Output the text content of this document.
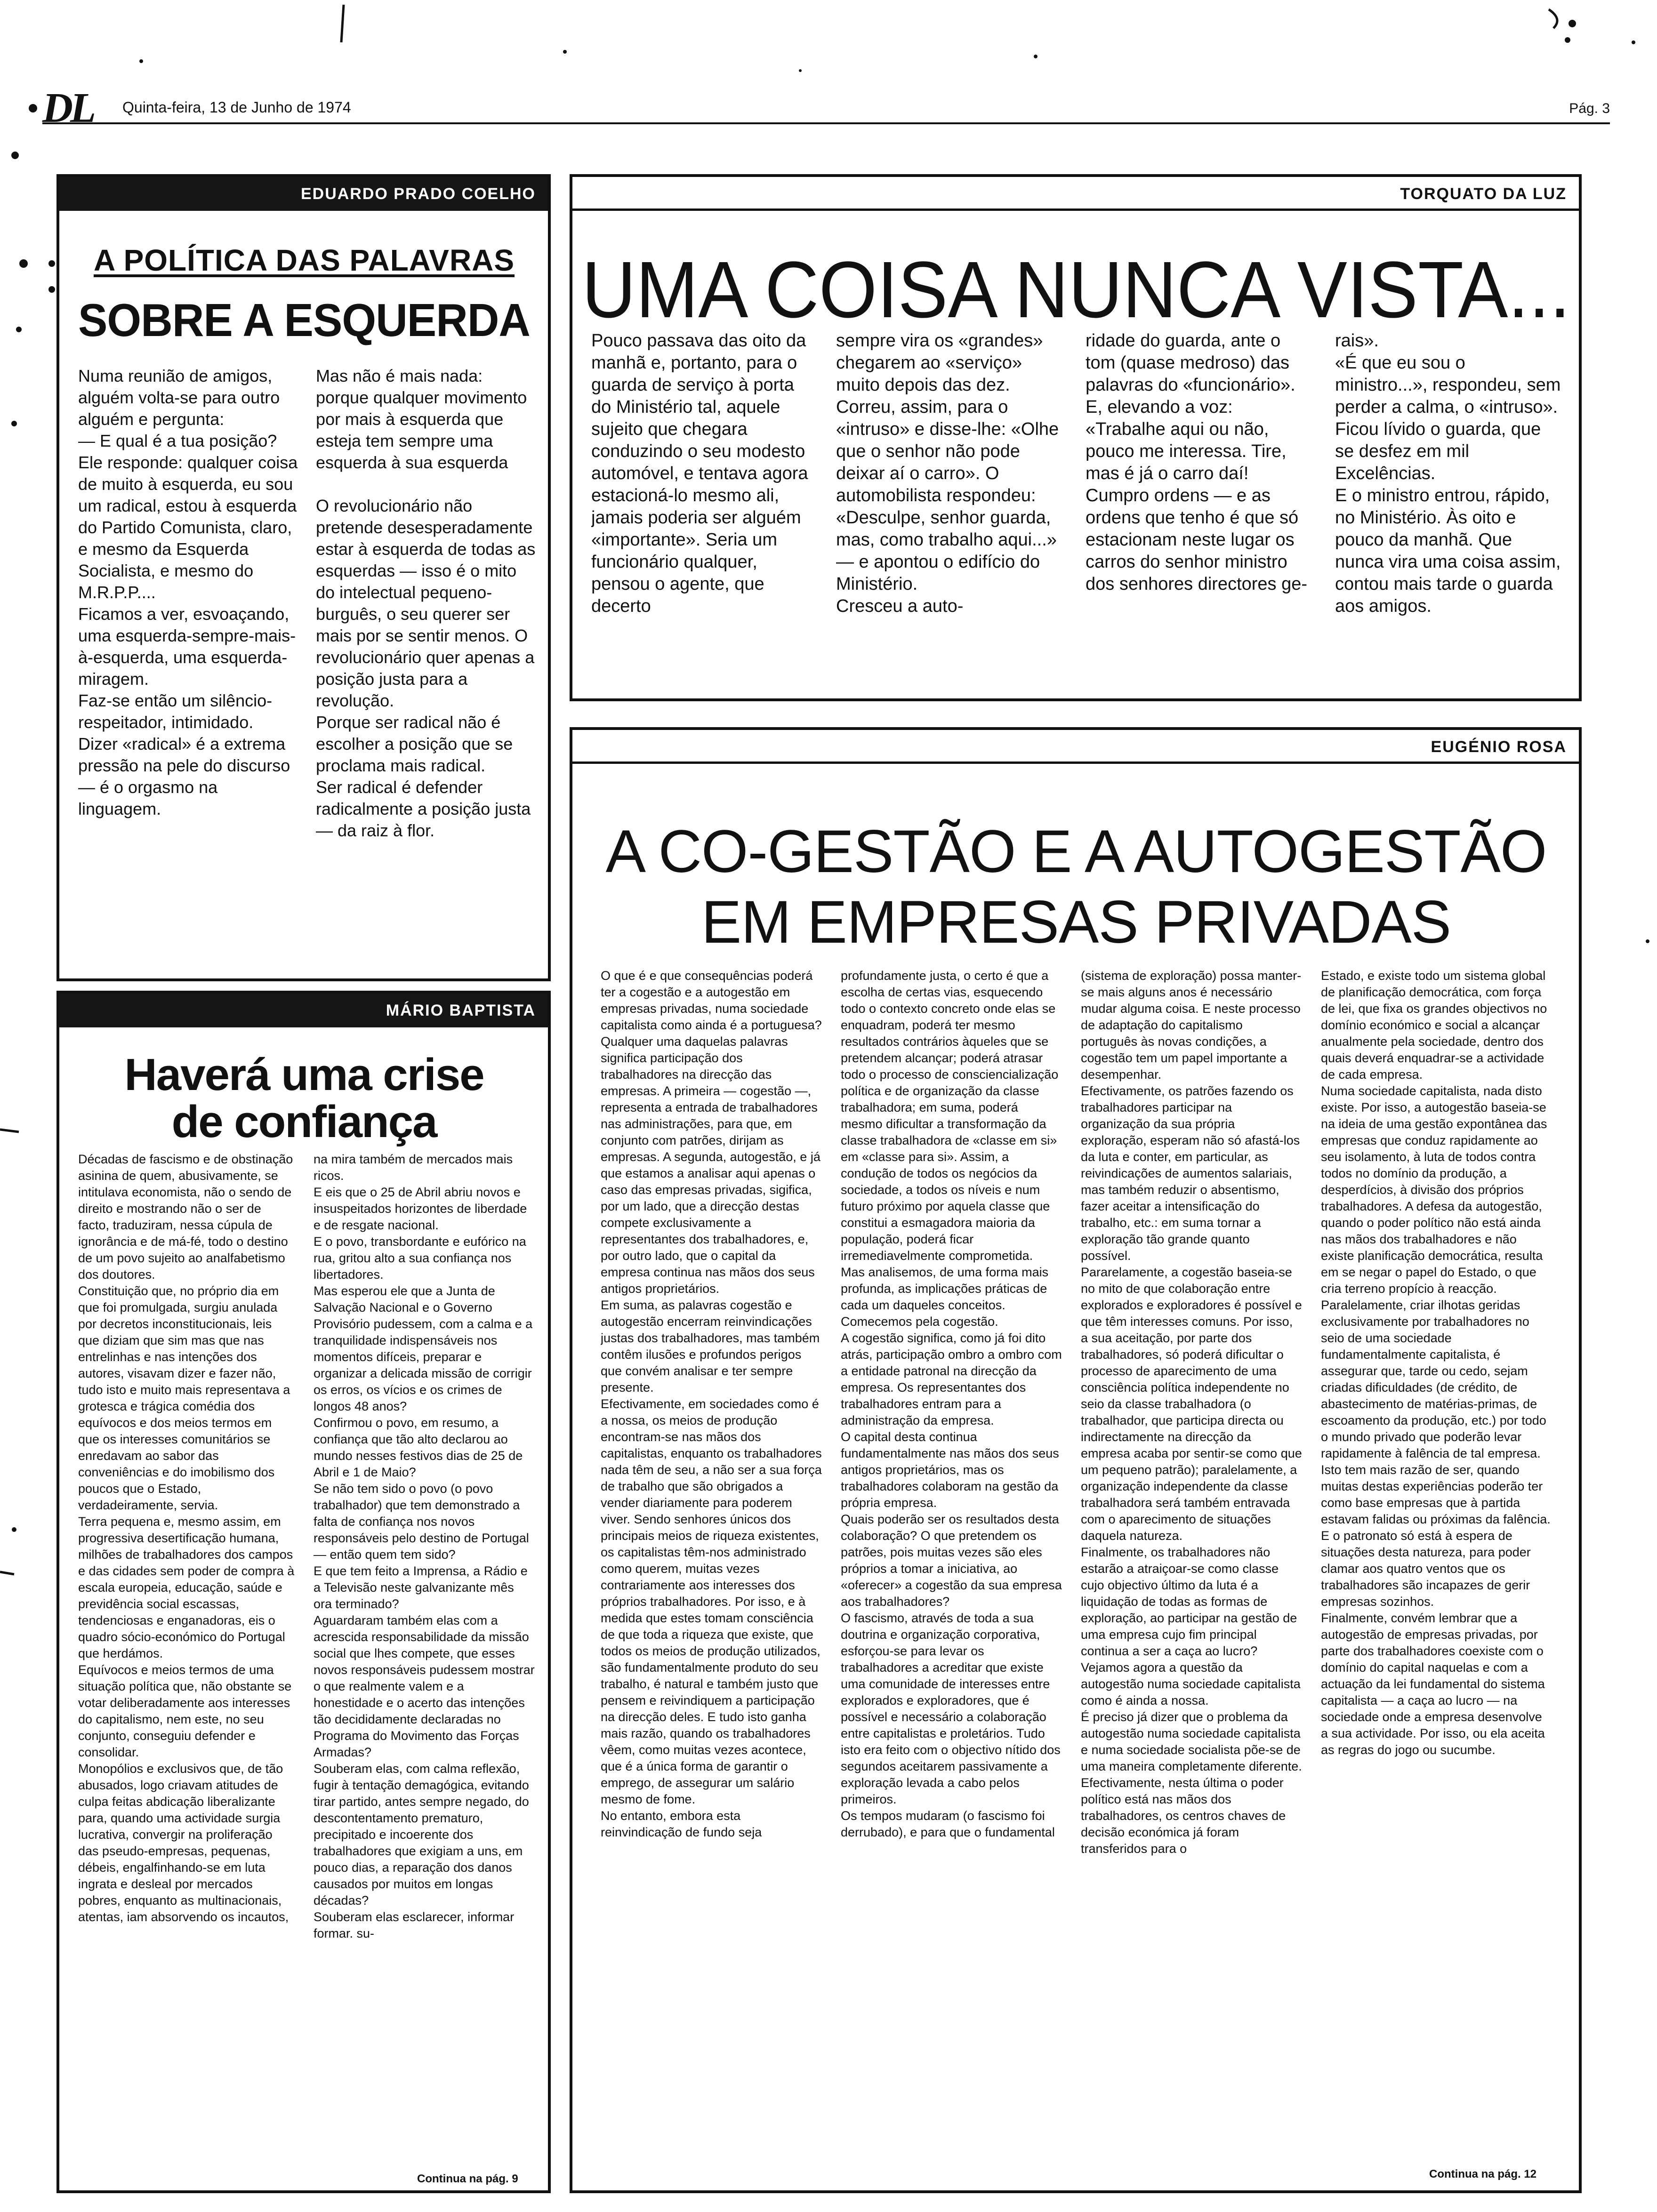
DL Quinta-feira, 13 de Junho de 1974	Pág. 3
EDUARDO PRADO COELHO
A POLÍTICA DAS PALAVRAS
SOBRE A ESQUERDA
Numa reunião de amigos, alguém volta-se para outro alguém e pergunta:
— E qual é a tua posição?
Ele responde: qualquer coisa de muito à esquerda, eu sou um radical, estou à esquerda do Partido Comunista, claro, e mesmo da Esquerda Socialista, e mesmo do M.R.P.P....
Ficamos a ver, esvoaçando, uma esquerda-sempre-mais-à-esquerda, uma esquerda-miragem.
Faz-se então um silêncio-respeitador, intimidado.
Dizer «radical» é a extrema pressão na pele do discurso — é o orgasmo na linguagem.
Mas não é mais nada: porque qualquer movimento por mais à esquerda que esteja tem sempre uma esquerda à sua esquerda

O revolucionário não pretende desesperadamente estar à esquerda de todas as esquerdas — isso é o mito do intelectual pequeno-burguês, o seu querer ser mais por se sentir menos. O revolucionário quer apenas a posição justa para a revolução.
Porque ser radical não é escolher a posição que se proclama mais radical.
Ser radical é defender radicalmente a posição justa — da raiz à flor.
TORQUATO DA LUZ
UMA COISA NUNCA VISTA...
Pouco passava das oito da manhã e, portanto, para o guarda de serviço à porta do Ministério tal, aquele sujeito que chegara conduzindo o seu modesto automóvel, e tentava agora estacioná-lo mesmo ali, jamais poderia ser alguém «importante». Seria um funcionário qualquer, pensou o agente, que decerto
sempre vira os «grandes» chegarem ao «serviço» muito depois das dez.
Correu, assim, para o «intruso» e disse-lhe: «Olhe que o senhor não pode deixar aí o carro». O automobilista respondeu: «Desculpe, senhor guarda, mas, como trabalho aqui...» — e apontou o edifício do Ministério.
Cresceu a auto-
ridade do guarda, ante o tom (quase medroso) das palavras do «funcionário». E, elevando a voz: «Trabalhe aqui ou não, pouco me interessa. Tire, mas é já o carro daí! Cumpro ordens — e as ordens que tenho é que só estacionam neste lugar os carros do senhor ministro dos senhores directores ge-
rais».
«É que eu sou o ministro...», respondeu, sem perder a calma, o «intruso». Ficou lívido o guarda, que se desfez em mil Excelências.
E o ministro entrou, rápido, no Ministério. Às oito e pouco da manhã. Que nunca vira uma coisa assim, contou mais tarde o guarda aos amigos.
MÁRIO BAPTISTA
Haverá uma crise
de confiança
Décadas de fascismo e de obstinação asinina de quem, abusivamente, se intitulava economista, não o sendo de direito e mostrando não o ser de facto, traduziram, nessa cúpula de ignorância e de má-fé, todo o destino de um povo sujeito ao analfabetismo dos doutores.
Constituição que, no próprio dia em que foi promulgada, surgiu anulada por decretos inconstitucionais, leis que diziam que sim mas que nas entrelinhas e nas intenções dos autores, visavam dizer e fazer não, tudo isto e muito mais representava a grotesca e trágica comédia dos equívocos e dos meios termos em que os interesses comunitários se enredavam ao sabor das conveniências e do imobilismo dos poucos que o Estado, verdadeiramente, servia.
Terra pequena e, mesmo assim, em progressiva desertificação humana, milhões de trabalhadores dos campos e das cidades sem poder de compra à escala europeia, educação, saúde e previdência social escassas, tendenciosas e enganadoras, eis o quadro sócio-económico do Portugal que herdámos.
Equívocos e meios termos de uma situação política que, não obstante se votar deliberadamente aos interesses do capitalismo, nem este, no seu conjunto, conseguiu defender e consolidar.
Monopólios e exclusivos que, de tão abusados, logo criavam atitudes de culpa feitas abdicação liberalizante para, quando uma actividade surgia lucrativa, convergir na proliferação das pseudo-empresas, pequenas, débeis, engalfinhando-se em luta ingrata e desleal por mercados pobres, enquanto as multinacionais, atentas, iam absorvendo os incautos,
na mira também de mercados mais ricos.
E eis que o 25 de Abril abriu novos e insuspeitados horizontes de liberdade e de resgate nacional.
E o povo, transbordante e eufórico na rua, gritou alto a sua confiança nos libertadores.
Mas esperou ele que a Junta de Salvação Nacional e o Governo Provisório pudessem, com a calma e a tranquilidade indispensáveis nos momentos difíceis, preparar e organizar a delicada missão de corrigir os erros, os vícios e os crimes de longos 48 anos?
Confirmou o povo, em resumo, a confiança que tão alto declarou ao mundo nesses festivos dias de 25 de Abril e 1 de Maio?
Se não tem sido o povo (o povo trabalhador) que tem demonstrado a falta de confiança nos novos responsáveis pelo destino de Portugal — então quem tem sido?
E que tem feito a Imprensa, a Rádio e a Televisão neste galvanizante mês ora terminado?
Aguardaram também elas com a acrescida responsabilidade da missão social que lhes compete, que esses novos responsáveis pudessem mostrar o que realmente valem e a honestidade e o acerto das intenções tão decididamente declaradas no Programa do Movimento das Forças Armadas?
Souberam elas, com calma reflexão, fugir à tentação demagógica, evitando tirar partido, antes sempre negado, do descontentamento prematuro, precipitado e incoerente dos trabalhadores que exigiam a uns, em pouco dias, a reparação dos danos causados por muitos em longas décadas?
Souberam elas esclarecer, informar formar. su-
Continua na pág. 9
EUGÉNIO ROSA
A CO-GESTÃO E A AUTOGESTÃO
EM EMPRESAS PRIVADAS
O que é e que consequências poderá ter a cogestão e a autogestão em empresas privadas, numa sociedade capitalista como ainda é a portuguesa?
Qualquer uma daquelas palavras significa participação dos trabalhadores na direcção das empresas. A primeira — cogestão —, representa a entrada de trabalhadores nas administrações, para que, em conjunto com patrões, dirijam as empresas. A segunda, autogestão, e já que estamos a analisar aqui apenas o caso das empresas privadas, sigifica, por um lado, que a direcção destas compete exclusivamente a representantes dos trabalhadores, e, por outro lado, que o capital da empresa continua nas mãos dos seus antigos proprietários.
Em suma, as palavras cogestão e autogestão encerram reinvindicações justas dos trabalhadores, mas também contêm ilusões e profundos perigos que convém analisar e ter sempre presente.
Efectivamente, em sociedades como é a nossa, os meios de produção encontram-se nas mãos dos capitalistas, enquanto os trabalhadores nada têm de seu, a não ser a sua força de trabalho que são obrigados a vender diariamente para poderem viver. Sendo senhores únicos dos principais meios de riqueza existentes, os capitalistas têm-nos administrado como querem, muitas vezes contrariamente aos interesses dos próprios trabalhadores. Por isso, e à medida que estes tomam consciência de que toda a riqueza que existe, que todos os meios de produção utilizados, são fundamentalmente produto do seu trabalho, é natural e também justo que pensem e reivindiquem a participação na direcção deles. E tudo isto ganha mais razão, quando os trabalhadores vêem, como muitas vezes acontece, que é a única forma de garantir o emprego, de assegurar um salário mesmo de fome.
No entanto, embora esta reinvindicação de fundo seja
profundamente justa, o certo é que a escolha de certas vias, esquecendo todo o contexto concreto onde elas se enquadram, poderá ter mesmo resultados contrários àqueles que se pretendem alcançar; poderá atrasar todo o processo de consciencialização política e de organização da classe trabalhadora; em suma, poderá mesmo dificultar a transformação da classe trabalhadora de «classe em si» em «classe para si». Assim, a condução de todos os negócios da sociedade, a todos os níveis e num futuro próximo por aquela classe que constitui a esmagadora maioria da população, poderá ficar irremediavelmente comprometida.
Mas analisemos, de uma forma mais profunda, as implicações práticas de cada um daqueles conceitos.
Comecemos pela cogestão.
A cogestão significa, como já foi dito atrás, participação ombro a ombro com a entidade patronal na direcção da empresa. Os representantes dos trabalhadores entram para a administração da empresa.
O capital desta continua fundamentalmente nas mãos dos seus antigos proprietários, mas os trabalhadores colaboram na gestão da própria empresa.
Quais poderão ser os resultados desta colaboração? O que pretendem os patrões, pois muitas vezes são eles próprios a tomar a iniciativa, ao «oferecer» a cogestão da sua empresa aos trabalhadores?
O fascismo, através de toda a sua doutrina e organização corporativa, esforçou-se para levar os trabalhadores a acreditar que existe uma comunidade de interesses entre explorados e exploradores, que é possível e necessário a colaboração entre capitalistas e proletários. Tudo isto era feito com o objectivo nítido dos segundos aceitarem passivamente a exploração levada a cabo pelos primeiros.
Os tempos mudaram (o fascismo foi derrubado), e para que o fundamental
(sistema de exploração) possa manter-se mais alguns anos é necessário mudar alguma coisa. E neste processo de adaptação do capitalismo português às novas condições, a cogestão tem um papel importante a desempenhar.
Efectivamente, os patrões fazendo os trabalhadores participar na organização da sua própria exploração, esperam não só afastá-los da luta e conter, em particular, as reivindicações de aumentos salariais, mas também reduzir o absentismo, fazer aceitar a intensificação do trabalho, etc.: em suma tornar a exploração tão grande quanto possível.
Pararelamente, a cogestão baseia-se no mito de que colaboração entre explorados e exploradores é possível e que têm interesses comuns. Por isso, a sua aceitação, por parte dos trabalhadores, só poderá dificultar o processo de aparecimento de uma consciência política independente no seio da classe trabalhadora (o trabalhador, que participa directa ou indirectamente na direcção da empresa acaba por sentir-se como que um pequeno patrão); paralelamente, a organização independente da classe trabalhadora será também entravada com o aparecimento de situações daquela natureza.
Finalmente, os trabalhadores não estarão a atraiçoar-se como classe cujo objectivo último da luta é a liquidação de todas as formas de exploração, ao participar na gestão de uma empresa cujo fim principal continua a ser a caça ao lucro?
Vejamos agora a questão da autogestão numa sociedade capitalista como é ainda a nossa.
É preciso já dizer que o problema da autogestão numa sociedade capitalista e numa sociedade socialista põe-se de uma maneira completamente diferente. Efectivamente, nesta última o poder político está nas mãos dos trabalhadores, os centros chaves de decisão económica já foram transferidos para o
Estado, e existe todo um sistema global de planificação democrática, com força de lei, que fixa os grandes objectivos no domínio económico e social a alcançar anualmente pela sociedade, dentro dos quais deverá enquadrar-se a actividade de cada empresa.
Numa sociedade capitalista, nada disto existe. Por isso, a autogestão baseia-se na ideia de uma gestão expontânea das empresas que conduz rapidamente ao seu isolamento, à luta de todos contra todos no domínio da produção, a desperdícios, à divisão dos próprios trabalhadores. A defesa da autogestão, quando o poder político não está ainda nas mãos dos trabalhadores e não existe planificação democrática, resulta em se negar o papel do Estado, o que cria terreno propício à reacção.
Paralelamente, criar ilhotas geridas exclusivamente por trabalhadores no seio de uma sociedade fundamentalmente capitalista, é assegurar que, tarde ou cedo, sejam criadas dificuldades (de crédito, de abastecimento de matérias-primas, de escoamento da produção, etc.) por todo o mundo privado que poderão levar rapidamente à falência de tal empresa. Isto tem mais razão de ser, quando muitas destas experiências poderão ter como base empresas que à partida estavam falidas ou próximas da falência. E o patronato só está à espera de situações desta natureza, para poder clamar aos quatro ventos que os trabalhadores são incapazes de gerir empresas sozinhos.
Finalmente, convém lembrar que a autogestão de empresas privadas, por parte dos trabalhadores coexiste com o domínio do capital naquelas e com a actuação da lei fundamental do sistema capitalista — a caça ao lucro — na sociedade onde a empresa desenvolve a sua actividade. Por isso, ou ela aceita as regras do jogo ou sucumbe.
Continua na pág. 12
